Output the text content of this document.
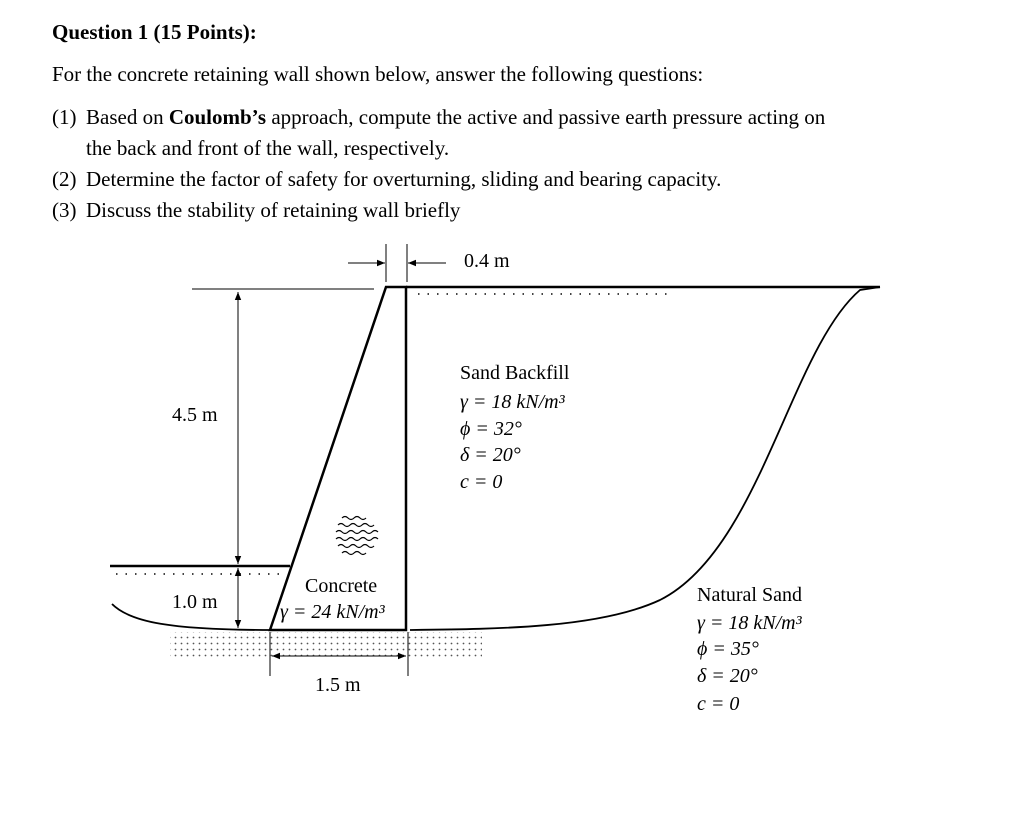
Question 1 (15 Points):
For the concrete retaining wall shown below, answer the following questions:
(1) Based on Coulomb’s approach, compute the active and passive earth pressure acting on
the back and front of the wall, respectively.
(2) Determine the factor of safety for overturning, sliding and bearing capacity.
(3) Discuss the stability of retaining wall briefly
0.4 m
4.5 m
1.0 m
1.5 m
Sand Backfill
γ = 18 kN/m³
ϕ = 32°
δ = 20°
c = 0
Concrete
γ = 24 kN/m³
Natural Sand
γ = 18 kN/m³
ϕ = 35°
δ = 20°
c = 0
